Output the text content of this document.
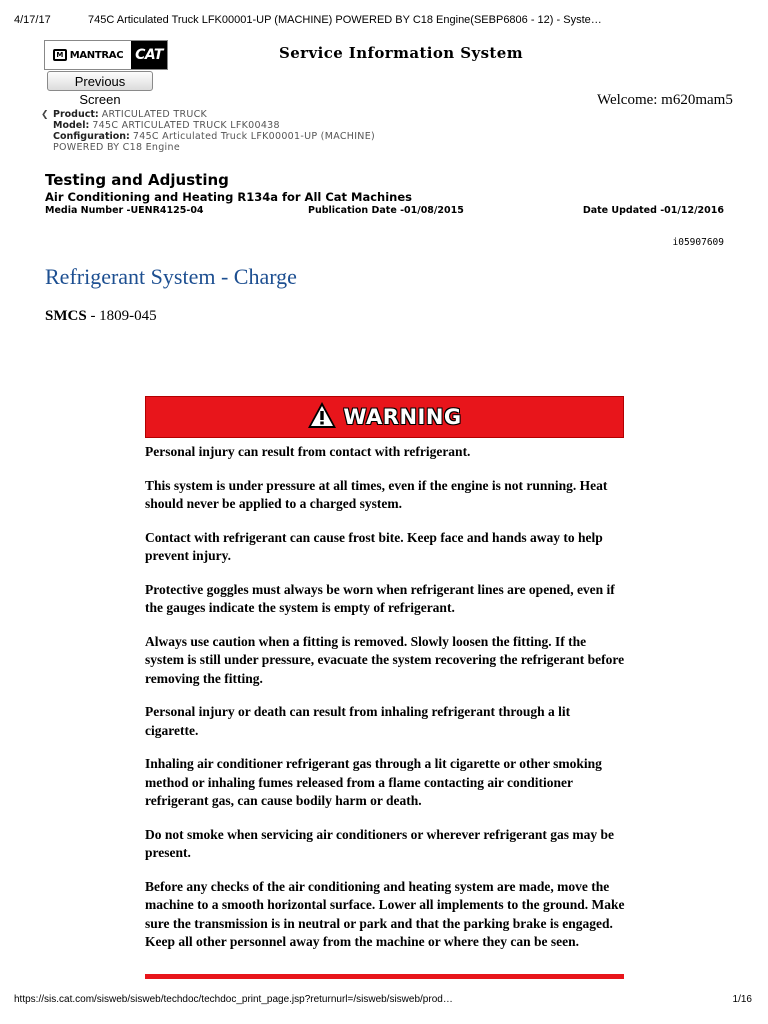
4/17/17	745C Articulated Truck LFK00001-UP (MACHINE) POWERED BY C18 Engine(SEBP6806 - 12) - Syste…
M MANTRAC CAT	Service Information System
Previous Screen	Welcome: m620mam5
❮ Product: ARTICULATED TRUCK
Model: 745C ARTICULATED TRUCK LFK00438
Configuration: 745C Articulated Truck LFK00001-UP (MACHINE)
POWERED BY C18 Engine
Testing and Adjusting
Air Conditioning and Heating R134a for All Cat Machines
Media Number -UENR4125-04	Publication Date -01/08/2015	Date Updated -01/12/2016
i05907609
Refrigerant System - Charge
SMCS - 1809-045
WARNING

Personal injury can result from contact with refrigerant.

This system is under pressure at all times, even if the engine is not running. Heat should never be applied to a charged system.

Contact with refrigerant can cause frost bite. Keep face and hands away to help prevent injury.

Protective goggles must always be worn when refrigerant lines are opened, even if the gauges indicate the system is empty of refrigerant.

Always use caution when a fitting is removed. Slowly loosen the fitting. If the system is still under pressure, evacuate the system recovering the refrigerant before removing the fitting.

Personal injury or death can result from inhaling refrigerant through a lit cigarette.

Inhaling air conditioner refrigerant gas through a lit cigarette or other smoking method or inhaling fumes released from a flame contacting air conditioner refrigerant gas, can cause bodily harm or death.

Do not smoke when servicing air conditioners or wherever refrigerant gas may be present.

Before any checks of the air conditioning and heating system are made, move the machine to a smooth horizontal surface. Lower all implements to the ground. Make sure the transmission is in neutral or park and that the parking brake is engaged. Keep all other personnel away from the machine or where they can be seen.

https://sis.cat.com/sisweb/sisweb/techdoc/techdoc_print_page.jsp?returnurl=/sisweb/sisweb/prod…	1/16
